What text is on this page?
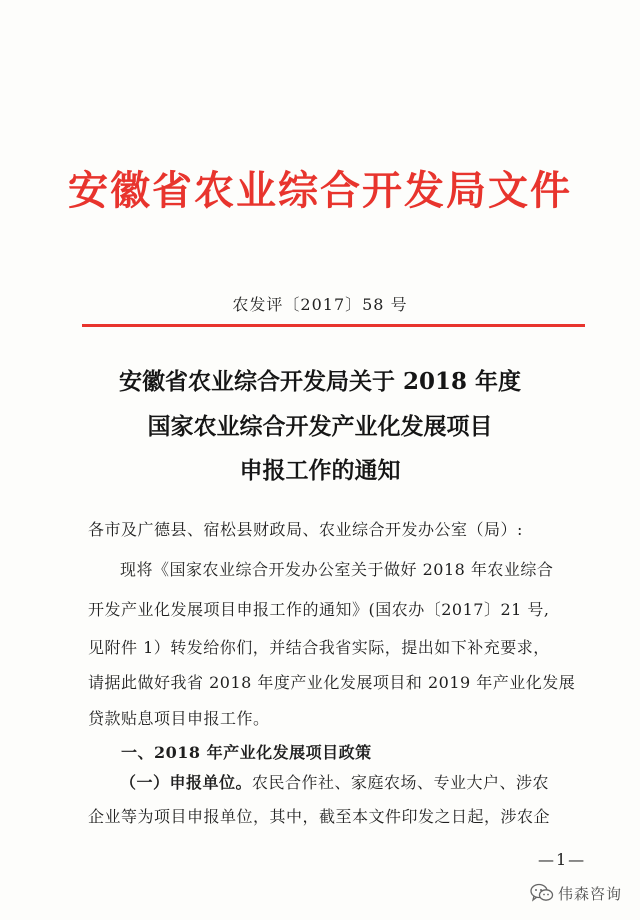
安徽省农业综合开发局文件
农发评〔2017〕58 号
安徽省农业综合开发局关于 2018 年度
国家农业综合开发产业化发展项目
申报工作的通知
各市及广德县、宿松县财政局、农业综合开发办公室（局）:
现将《国家农业综合开发办公室关于做好 2018 年农业综合
开发产业化发展项目申报工作的通知》(国农办〔2017〕21 号,
见附件 1）转发给你们，并结合我省实际，提出如下补充要求，
请据此做好我省 2018 年度产业化发展项目和 2019 年产业化发展
贷款贴息项目申报工作。
一、2018 年产业化发展项目政策
（一）申报单位。农民合作社、家庭农场、专业大户、涉农
企业等为项目申报单位，其中，截至本文件印发之日起，涉农企
—1—
伟森咨询
